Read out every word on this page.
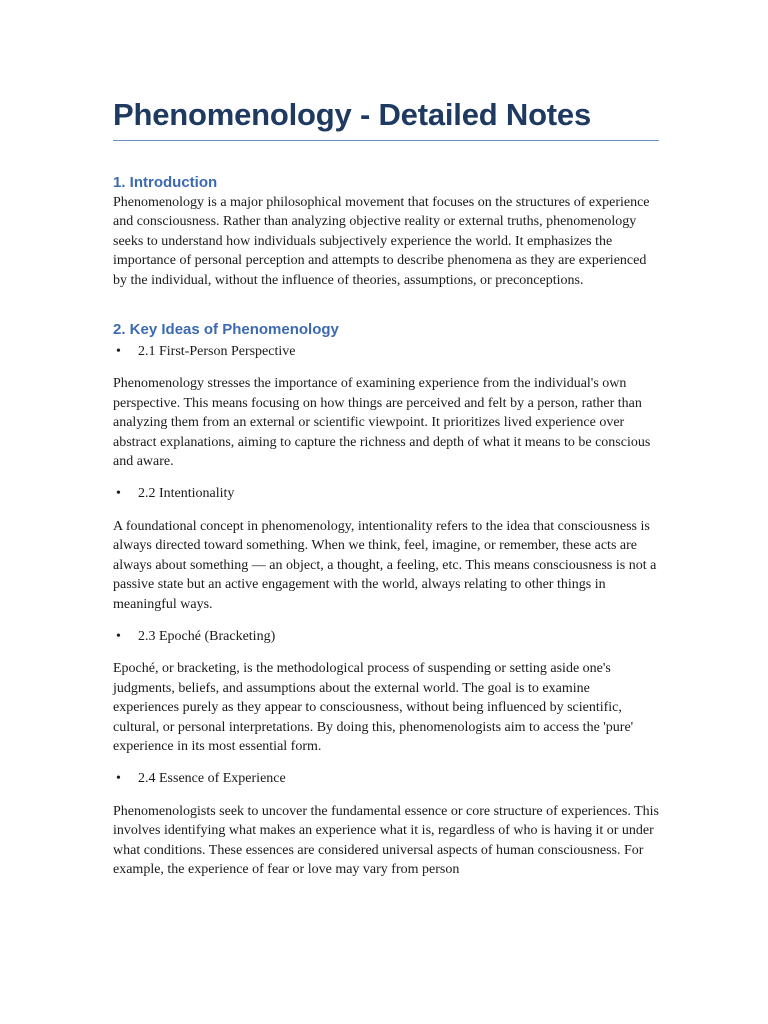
Phenomenology - Detailed Notes
1. Introduction

Phenomenology is a major philosophical movement that focuses on the structures of experience and consciousness. Rather than analyzing objective reality or external truths, phenomenology seeks to understand how individuals subjectively experience the world. It emphasizes the importance of personal perception and attempts to describe phenomena as they are experienced by the individual, without the influence of theories, assumptions, or preconceptions.

2. Key Ideas of Phenomenology
•	2.1 First-Person Perspective

Phenomenology stresses the importance of examining experience from the individual's own perspective. This means focusing on how things are perceived and felt by a person, rather than analyzing them from an external or scientific viewpoint. It prioritizes lived experience over abstract explanations, aiming to capture the richness and depth of what it means to be conscious and aware.

•	2.2 Intentionality

A foundational concept in phenomenology, intentionality refers to the idea that consciousness is always directed toward something. When we think, feel, imagine, or remember, these acts are always about something — an object, a thought, a feeling, etc. This means consciousness is not a passive state but an active engagement with the world, always relating to other things in meaningful ways.

•	2.3 Epoché (Bracketing)

Epoché, or bracketing, is the methodological process of suspending or setting aside one's judgments, beliefs, and assumptions about the external world. The goal is to examine experiences purely as they appear to consciousness, without being influenced by scientific, cultural, or personal interpretations. By doing this, phenomenologists aim to access the 'pure' experience in its most essential form.

•	2.4 Essence of Experience

Phenomenologists seek to uncover the fundamental essence or core structure of experiences. This involves identifying what makes an experience what it is, regardless of who is having it or under what conditions. These essences are considered universal aspects of human consciousness. For example, the experience of fear or love may vary from person
